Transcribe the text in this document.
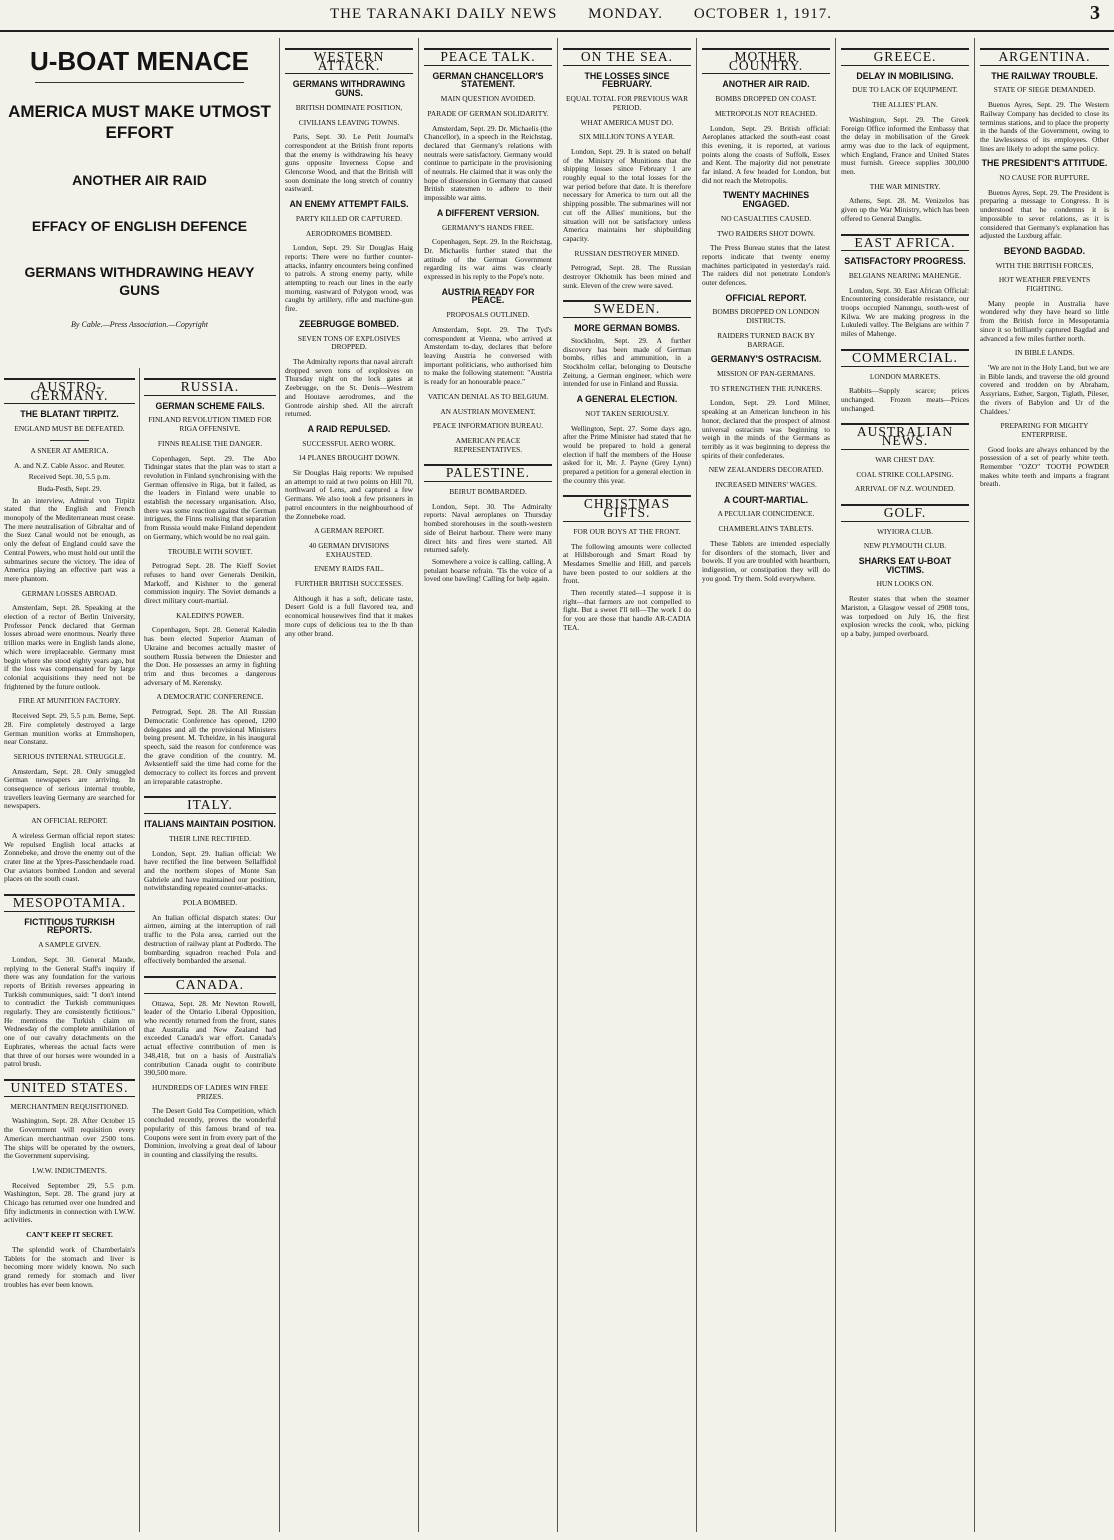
THE TARANAKI DAILY NEWS MONDAY. OCTOBER 1, 1917.	3
U-BOAT MENACE
AMERICA MUST MAKE UTMOST EFFORT
ANOTHER AIR RAID
EFFACY OF ENGLISH DEFENCE
GERMANS WITHDRAWING HEAVY GUNS
By Cable.—Press Association.—Copyright
AUSTRO-GERMANY.
THE BLATANT TIRPITZ.
ENGLAND MUST BE DEFEATED.
A SNEER AT AMERICA.
A. and N.Z. Cable Assoc. and Reuter.
Received Sept. 30, 5.5 p.m.
Buda-Pesth, Sept. 29.

In an interview, Admiral von Tirpitz stated that the English and French monopoly of the Mediterranean must cease. The mere neutralisation of Gibraltar and of the Suez Canal would not be enough, as only the defeat of England could save the Central Powers, who must hold out until the submarines secure the victory. The idea of America playing an effective part was a mere phantom.

GERMAN LOSSES ABROAD.

Amsterdam, Sept. 28. Speaking at the election of a rector of Berlin University, Professor Penck declared that German losses abroad were enormous. Nearly three trillion marks were in English lands alone, which were irreplaceable. Germany must begin where she stood eighty years ago, but if the loss was compensated for by large colonial acquisitions they need not be frightened by the future outlook.

FIRE AT MUNITION FACTORY.

Received Sept. 29, 5.5 p.m. Berne, Sept. 28. Fire completely destroyed a large German munition works at Emmshopen, near Constanz.

SERIOUS INTERNAL STRUGGLE.

Amsterdam, Sept. 28. Only smuggled German newspapers are arriving. In consequence of serious internal trouble, travellers leaving Germany are searched for newspapers.

AN OFFICIAL REPORT.

A wireless German official report states: We repulsed English local attacks at Zonnebeke, and drove the enemy out of the crater line at the Ypres-Passchendaele road. Our aviators bombed London and several places on the south coast.

MESOPOTAMIA.
FICTITIOUS TURKISH REPORTS.
A SAMPLE GIVEN.

London, Sept. 30. General Maude, replying to the General Staff's inquiry if there was any foundation for the various reports of British reverses appearing in Turkish communiques, said: "I don't intend to contradict the Turkish communiques regularly. They are consistently fictitious." He mentions the Turkish claim on Wednesday of the complete annihilation of one of our cavalry detachments on the Euphrates, whereas the actual facts were that three of our horses were wounded in a patrol brush.

UNITED STATES.
MERCHANTMEN REQUISITIONED.

Washington, Sept. 28. After October 15 the Government will requisition every American merchantman over 2500 tons. The ships will be operated by the owners, the Government supervising.

I.W.W. INDICTMENTS.

Received September 29, 5.5 p.m. Washington, Sept. 28. The grand jury at Chicago has returned over one hundred and fifty indictments in connection with I.W.W. activities.

CAN'T KEEP IT SECRET.

The splendid work of Chamberlain's Tablets for the stomach and liver is becoming more widely known. No such grand remedy for stomach and liver troubles has ever been known.

RUSSIA.
GERMAN SCHEME FAILS.
FINLAND REVOLUTION TIMED FOR RIGA OFFENSIVE.
FINNS REALISE THE DANGER.

Copenhagen, Sept. 29. The Abo Tidningar states that the plan was to start a revolution in Finland synchronising with the German offensive in Riga, but it failed, as the leaders in Finland were unable to establish the necessary organisation. Also, there was some reaction against the German intrigues, the Finns realising that separation from Russia would make Finland dependent on Germany, which would be no real gain.

TROUBLE WITH SOVIET.

Petrograd Sept. 28. The Kieff Soviet refuses to hand over Generals Denikin, Markoff, and Kishner to the general commission inquiry. The Soviet demands a direct military court-martial.

KALEDIN'S POWER.

Copenhagen, Sept. 28. General Kaledin has been elected Superior Ataman of Ukraine and becomes actually master of southern Russia between the Dniester and the Don. He possesses an army in fighting trim and thus becomes a dangerous adversary of M. Kerensky.

A DEMOCRATIC CONFERENCE.

Petrograd, Sept. 28. The All Russian Democratic Conference has opened, 1200 delegates and all the provisional Ministers being present. M. Tcheidze, in his inaugural speech, said the reason for conference was the grave condition of the country. M. Avksentieff said the time had come for the democracy to collect its forces and prevent an irreparable catastrophe.

ITALY.
ITALIANS MAINTAIN POSITION.
THEIR LINE RECTIFIED.

London, Sept. 29. Italian official: We have rectified the line between Sellaffidol and the northern slopes of Monte San Gabriele and have maintained our position, notwithstanding repeated counter-attacks.

POLA BOMBED.

An Italian official dispatch states: Our airmen, aiming at the interruption of rail traffic to the Pola area, carried out the destruction of railway plant at Podbrdo. The bombarding squadron reached Pola and effectively bombarded the arsenal.

CANADA.

Ottawa, Sept. 28. Mr Newton Rowell, leader of the Ontario Liberal Opposition, who recently returned from the front, states that Australia and New Zealand had exceeded Canada's war effort. Canada's actual effective contribution of men is 348,418, but on a basis of Australia's contribution Canada ought to contribute 390,500 more.

HUNDREDS OF LADIES WIN FREE PRIZES.

The Desert Gold Tea Competition, which concluded recently, proves the wonderful popularity of this famous brand of tea. Coupons were sent in from every part of the Dominion, involving a great deal of labour in counting and classifying the results.

WESTERN ATTACK.
GERMANS WITHDRAWING GUNS.
BRITISH DOMINATE POSITION,
CIVILIANS LEAVING TOWNS.

Paris, Sept. 30. Le Petit Journal's correspondent at the British front reports that the enemy is withdrawing his heavy guns opposite Inverness Copse and Glencorse Wood, and that the British will soon dominate the long stretch of country eastward.

AN ENEMY ATTEMPT FAILS.
PARTY KILLED OR CAPTURED.
AERODROMES BOMBED.

London, Sept. 29. Sir Douglas Haig reports: There were no further counter-attacks, infantry encounters being confined to patrols. A strong enemy party, while attempting to reach our lines in the early morning, eastward of Polygon wood, was caught by artillery, rifle and machine-gun fire.

ZEEBRUGGE BOMBED.
SEVEN TONS OF EXPLOSIVES DROPPED.

The Admiralty reports that naval aircraft dropped seven tons of explosives on Thursday night on the lock gates at Zeebrugge, on the St. Denis—Westrem and Houtave aerodromes, and the Gontrode airship shed. All the aircraft returned.

A RAID REPULSED.
SUCCESSFUL AERO WORK.
14 PLANES BROUGHT DOWN.

Sir Douglas Haig reports: We repulsed an attempt to raid at two points on Hill 70, northward of Lens, and captured a few Germans. We also took a few prisoners in patrol encounters in the neighbourhood of the Zonnebeke road.

A GERMAN REPORT.
40 GERMAN DIVISIONS EXHAUSTED.
ENEMY RAIDS FAIL.
FURTHER BRITISH SUCCESSES.

Although it has a soft, delicate taste, Desert Gold is a full flavored tea, and economical housewives find that it makes more cups of delicious tea to the lb than any other brand.

PEACE TALK.
GERMAN CHANCELLOR'S STATEMENT.
MAIN QUESTION AVOIDED.
PARADE OF GERMAN SOLIDARITY.

Amsterdam, Sept. 29. Dr. Michaelis (the Chancellor), in a speech in the Reichstag, declared that Germany's relations with neutrals were satisfactory. Germany would continue to participate in the provisioning of neutrals. He claimed that it was only the hope of dissension in Germany that caused British statesmen to adhere to their impossible war aims.

A DIFFERENT VERSION.
GERMANY'S HANDS FREE.

Copenhagen, Sept. 29. In the Reichstag, Dr. Michaelis further stated that the attitude of the German Government regarding its war aims was clearly expressed in his reply to the Pope's note.

AUSTRIA READY FOR PEACE.
PROPOSALS OUTLINED.

Amsterdam, Sept. 29. The Tyd's correspondent at Vienna, who arrived at Amsterdam to-day, declares that before leaving Austria he conversed with important politicians, who authorised him to make the following statement: "Austria is ready for an honourable peace."

VATICAN DENIAL AS TO BELGIUM.
AN AUSTRIAN MOVEMENT.
PEACE INFORMATION BUREAU.
AMERICAN PEACE REPRESENTATIVES.
PALESTINE.
BEIRUT BOMBARDED.

London, Sept. 30. The Admiralty reports: Naval aeroplanes on Thursday bombed storehouses in the south-western side of Beirut harbour. There were many direct hits and fires were started. All returned safely.

Somewhere a voice is calling, calling, A petulant hoarse refrain. 'Tis the voice of a loved one bawling! Calling for help again.

ON THE SEA.
THE LOSSES SINCE FEBRUARY.
EQUAL TOTAL FOR PREVIOUS WAR PERIOD.
WHAT AMERICA MUST DO.
SIX MILLION TONS A YEAR.

London, Sept. 29. It is stated on behalf of the Ministry of Munitions that the shipping losses since February 1 are roughly equal to the total losses for the war period before that date. It is therefore necessary for America to turn out all the shipping possible. The submarines will not cut off the Allies' munitions, but the situation will not be satisfactory unless America maintains her shipbuilding capacity.

RUSSIAN DESTROYER MINED.

Petrograd, Sept. 28. The Russian destroyer Okhotnik has been mined and sunk. Eleven of the crew were saved.

SWEDEN.
MORE GERMAN BOMBS.

Stockholm, Sept. 29. A further discovery has been made of German bombs, rifles and ammunition, in a Stockholm cellar, belonging to Deutsche Zeitung, a German engineer, which were intended for use in Finland and Russia.

A GENERAL ELECTION.
NOT TAKEN SERIOUSLY.

Wellington, Sept. 27. Some days ago, after the Prime Minister had stated that he would be prepared to hold a general election if half the members of the House asked for it, Mr. J. Payne (Grey Lynn) prepared a petition for a general election in the country this year.

CHRISTMAS GIFTS.
FOR OUR BOYS AT THE FRONT.

The following amounts were collected at Hillsborough and Smart Road by Mesdames Smellie and Hill, and parcels have been posted to our soldiers at the front.

Then recently stated—I suppose it is right—that farmers are not compelled to fight. But a sweet I'll tell—The work I do for you are those that handle AR-CADIA TEA.

MOTHER COUNTRY.
ANOTHER AIR RAID.
BOMBS DROPPED ON COAST.
METROPOLIS NOT REACHED.

London, Sept. 29. British official: Aeroplanes attacked the south-east coast this evening, it is reported, at various points along the coasts of Suffolk, Essex and Kent. The majority did not penetrate far inland. A few headed for London, but did not reach the Metropolis.

TWENTY MACHINES ENGAGED.
NO CASUALTIES CAUSED.
TWO RAIDERS SHOT DOWN.

The Press Bureau states that the latest reports indicate that twenty enemy machines participated in yesterday's raid. The raiders did not penetrate London's outer defences.

OFFICIAL REPORT.
BOMBS DROPPED ON LONDON DISTRICTS.
RAIDERS TURNED BACK BY BARRAGE.
GERMANY'S OSTRACISM.
MISSION OF PAN-GERMANS.
TO STRENGTHEN THE JUNKERS.

London, Sept. 29. Lord Milner, speaking at an American luncheon in his honor, declared that the prospect of almost universal ostracism was beginning to weigh in the minds of the Germans as terribly as it was beginning to depress the spirits of their confederates.

NEW ZEALANDERS DECORATED.
INCREASED MINERS' WAGES.
A COURT-MARTIAL.
A PECULIAR COINCIDENCE.
CHAMBERLAIN'S TABLETS.

These Tablets are intended especially for disorders of the stomach, liver and bowels. If you are troubled with heartburn, indigestion, or constipation they will do you good. Try them. Sold everywhere.

GREECE.
DELAY IN MOBILISING.
DUE TO LACK OF EQUIPMENT.
THE ALLIES' PLAN.

Washington, Sept. 29. The Greek Foreign Office informed the Embassy that the delay in mobilisation of the Greek army was due to the lack of equipment, which England, France and United States must furnish. Greece supplies 300,000 men.

THE WAR MINISTRY.

Athens, Sept. 28. M. Venizelos has given up the War Ministry, which has been offered to General Danglis.

EAST AFRICA.
SATISFACTORY PROGRESS.
BELGIANS NEARING MAHENGE.

London, Sept. 30. East African Official: Encountering considerable resistance, our troops occupied Nanungu, south-west of Kilwa. We are making progress in the Lukuledi valley. The Belgians are within 7 miles of Mahenge.

COMMERCIAL.
LONDON MARKETS.

Rabbits—Supply scarce; prices unchanged. Frozen meats—Prices unchanged.

AUSTRALIAN NEWS.
WAR CHEST DAY.
COAL STRIKE COLLAPSING.
ARRIVAL OF N.Z. WOUNDED.
GOLF.
WIYIORA CLUB.
NEW PLYMOUTH CLUB.
SHARKS EAT U-BOAT VICTIMS.
HUN LOOKS ON.

Reuter states that when the steamer Mariston, a Glasgow vessel of 2908 tons, was torpedoed on July 16, the first explosion wrecks the cook, who, picking up a baby, jumped overboard.

ARGENTINA.
THE RAILWAY TROUBLE.
STATE OF SIEGE DEMANDED.

Buenos Ayres, Sept. 29. The Western Railway Company has decided to close its terminus stations, and to place the property in the hands of the Government, owing to the lawlessness of its employees. Other lines are likely to adopt the same policy.

THE PRESIDENT'S ATTITUDE.
NO CAUSE FOR RUPTURE.

Buenos Ayres, Sept. 29. The President is preparing a message to Congress. It is understood that he condemns it is impossible to sever relations, as it is considered that Germany's explanation has adjusted the Luxburg affair.

BEYOND BAGDAD.
WITH THE BRITISH FORCES,
HOT WEATHER PREVENTS FIGHTING.

Many people in Australia have wondered why they have heard so little from the British force in Mesopotamia since it so brilliantly captured Bagdad and advanced a few miles further north.

IN BIBLE LANDS.

'We are not in the Holy Land, but we are in Bible lands, and traverse the old ground covered and trodden on by Abraham, Assyrians, Esther, Sargon, Tiglath, Pileser, the rivers of Babylon and Ur of the Chaldees.'

PREPARING FOR MIGHTY ENTERPRISE.

Good looks are always enhanced by the possession of a set of pearly white teeth. Remember "OZO" TOOTH POWDER makes white teeth and imparts a fragrant breath.
